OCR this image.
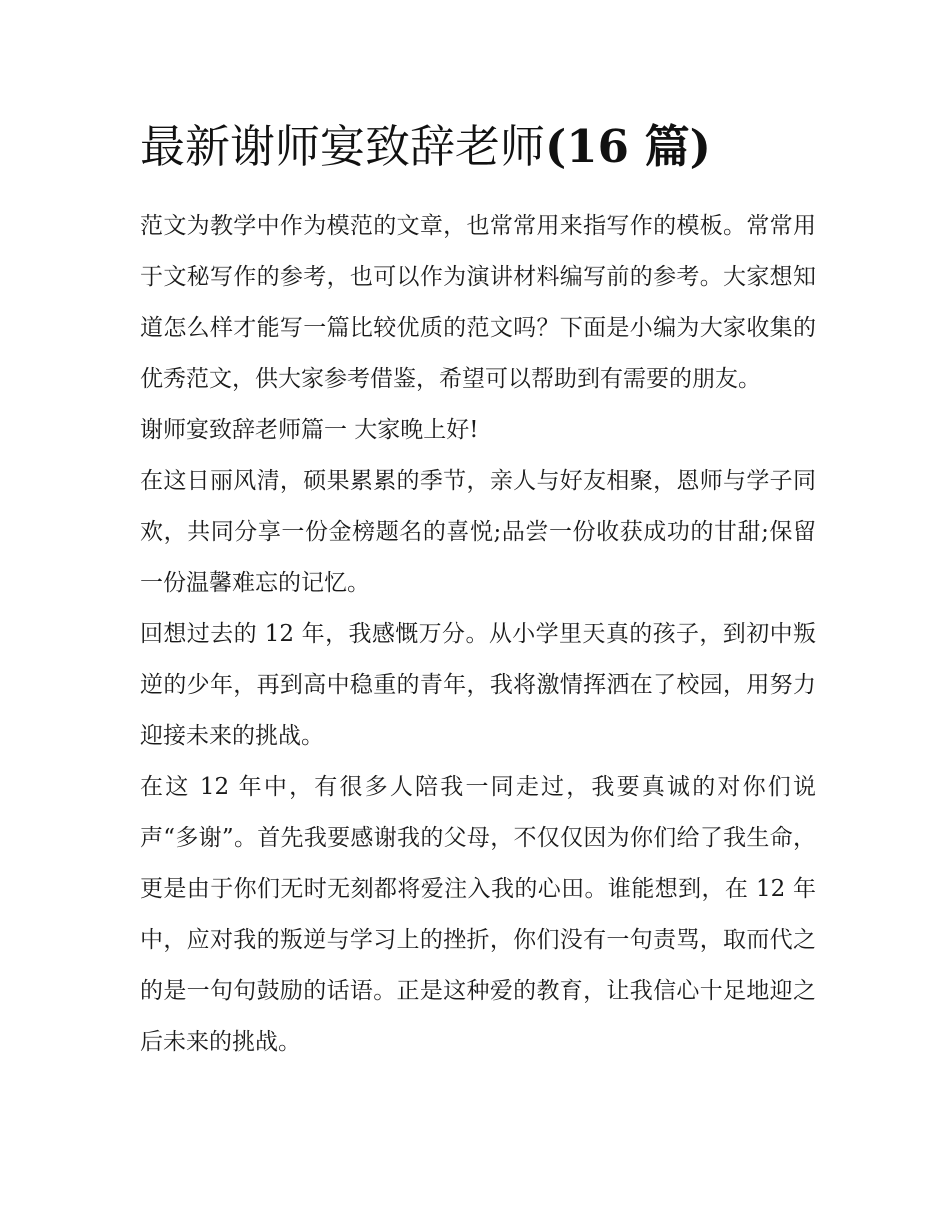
最新谢师宴致辞老师(16 篇)

范文为教学中作为模范的文章，也常常用来指写作的模板。常常用于文秘写作的参考，也可以作为演讲材料编写前的参考。大家想知道怎么样才能写一篇比较优质的范文吗？下面是小编为大家收集的优秀范文，供大家参考借鉴，希望可以帮助到有需要的朋友。

谢师宴致辞老师篇一 大家晚上好!

在这日丽风清，硕果累累的季节，亲人与好友相聚，恩师与学子同欢，共同分享一份金榜题名的喜悦;品尝一份收获成功的甘甜;保留一份温馨难忘的记忆。

回想过去的 12 年，我感慨万分。从小学里天真的孩子，到初中叛逆的少年，再到高中稳重的青年，我将激情挥洒在了校园，用努力迎接未来的挑战。

在这 12 年中，有很多人陪我一同走过，我要真诚的对你们说声“多谢”。首先我要感谢我的父母，不仅仅因为你们给了我生命，更是由于你们无时无刻都将爱注入我的心田。谁能想到，在 12 年中，应对我的叛逆与学习上的挫折，你们没有一句责骂，取而代之的是一句句鼓励的话语。正是这种爱的教育，让我信心十足地迎之后未来的挑战。
